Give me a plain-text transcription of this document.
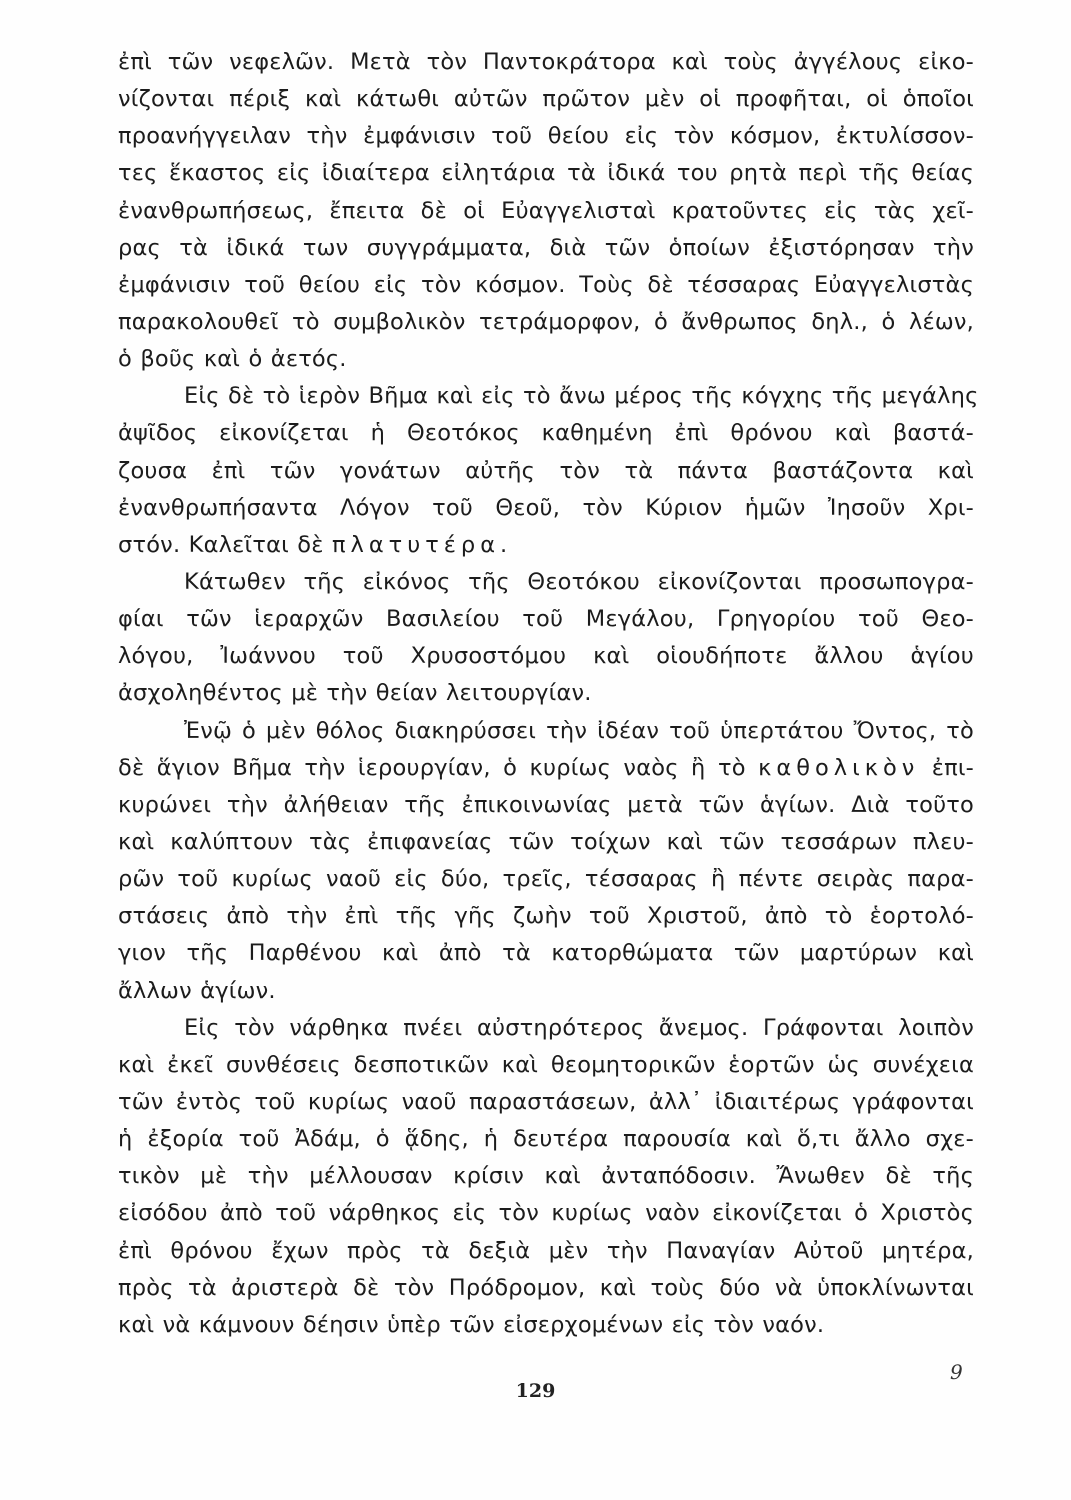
ἐπὶ τῶν νεφελῶν. Μετὰ τὸν Παντοκράτορα καὶ τοὺς ἀγγέλους εἰκο-
νίζονται πέριξ καὶ κάτωθι αὐτῶν πρῶτον μὲν οἱ προφῆται, οἱ ὁποῖοι
προανήγγειλαν τὴν ἐμφάνισιν τοῦ θείου εἰς τὸν κόσμον, ἐκτυλίσσον-
τες ἕκαστος εἰς ἰδιαίτερα εἰλητάρια τὰ ἰδικά του ρητὰ περὶ τῆς θείας
ἐνανθρωπήσεως, ἔπειτα δὲ οἱ Εὐαγγελισταὶ κρατοῦντες εἰς τὰς χεῖ-
ρας τὰ ἰδικά των συγγράμματα, διὰ τῶν ὁποίων ἐξιστόρησαν τὴν
ἐμφάνισιν τοῦ θείου εἰς τὸν κόσμον. Τοὺς δὲ τέσσαρας Εὐαγγελιστὰς
παρακολουθεῖ τὸ συμβολικὸν τετράμορφον, ὁ ἄνθρωπος δηλ., ὁ λέων,
ὁ βοῦς καὶ ὁ ἀετός.
Εἰς δὲ τὸ ἱερὸν Βῆμα καὶ εἰς τὸ ἄνω μέρος τῆς κόγχης τῆς μεγάλης
ἀψῖδος εἰκονίζεται ἡ Θεοτόκος καθημένη ἐπὶ θρόνου καὶ βαστά-
ζουσα ἐπὶ τῶν γονάτων αὐτῆς τὸν τὰ πάντα βαστάζοντα καὶ
ἐνανθρωπήσαντα Λόγον τοῦ Θεοῦ, τὸν Κύριον ἡμῶν Ἰησοῦν Χρι-
στόν. Καλεῖται δὲ πλατυτέρα.
Κάτωθεν τῆς εἰκόνος τῆς Θεοτόκου εἰκονίζονται προσωπογρα-
φίαι τῶν ἱεραρχῶν Βασιλείου τοῦ Μεγάλου, Γρηγορίου τοῦ Θεο-
λόγου, Ἰωάννου τοῦ Χρυσοστόμου καὶ οἱουδήποτε ἄλλου ἁγίου
ἀσχοληθέντος μὲ τὴν θείαν λειτουργίαν.
Ἐνῷ ὁ μὲν θόλος διακηρύσσει τὴν ἰδέαν τοῦ ὑπερτάτου Ὄντος, τὸ
δὲ ἅγιον Βῆμα τὴν ἱερουργίαν, ὁ κυρίως ναὸς ἢ τὸ καθολικὸν ἐπι-
κυρώνει τὴν ἀλήθειαν τῆς ἐπικοινωνίας μετὰ τῶν ἁγίων. Διὰ τοῦτο
καὶ καλύπτουν τὰς ἐπιφανείας τῶν τοίχων καὶ τῶν τεσσάρων πλευ-
ρῶν τοῦ κυρίως ναοῦ εἰς δύο, τρεῖς, τέσσαρας ἢ πέντε σειρὰς παρα-
στάσεις ἀπὸ τὴν ἐπὶ τῆς γῆς ζωὴν τοῦ Χριστοῦ, ἀπὸ τὸ ἑορτολό-
γιον τῆς Παρθένου καὶ ἀπὸ τὰ κατορθώματα τῶν μαρτύρων καὶ
ἄλλων ἁγίων.
Εἰς τὸν νάρθηκα πνέει αὐστηρότερος ἄνεμος. Γράφονται λοιπὸν
καὶ ἐκεῖ συνθέσεις δεσποτικῶν καὶ θεομητορικῶν ἑορτῶν ὡς συνέχεια
τῶν ἐντὸς τοῦ κυρίως ναοῦ παραστάσεων, ἀλλ᾽ ἰδιαιτέρως γράφονται
ἡ ἐξορία τοῦ Ἀδάμ, ὁ ᾅδης, ἡ δευτέρα παρουσία καὶ ὅ,τι ἄλλο σχε-
τικὸν μὲ τὴν μέλλουσαν κρίσιν καὶ ἀνταπόδοσιν. Ἄνωθεν δὲ τῆς
εἰσόδου ἀπὸ τοῦ νάρθηκος εἰς τὸν κυρίως ναὸν εἰκονίζεται ὁ Χριστὸς
ἐπὶ θρόνου ἔχων πρὸς τὰ δεξιὰ μὲν τὴν Παναγίαν Αὐτοῦ μητέρα,
πρὸς τὰ ἀριστερὰ δὲ τὸν Πρόδρομον, καὶ τοὺς δύο νὰ ὑποκλίνωνται
καὶ νὰ κάμνουν δέησιν ὑπὲρ τῶν εἰσερχομένων εἰς τὸν ναόν.
9
129
